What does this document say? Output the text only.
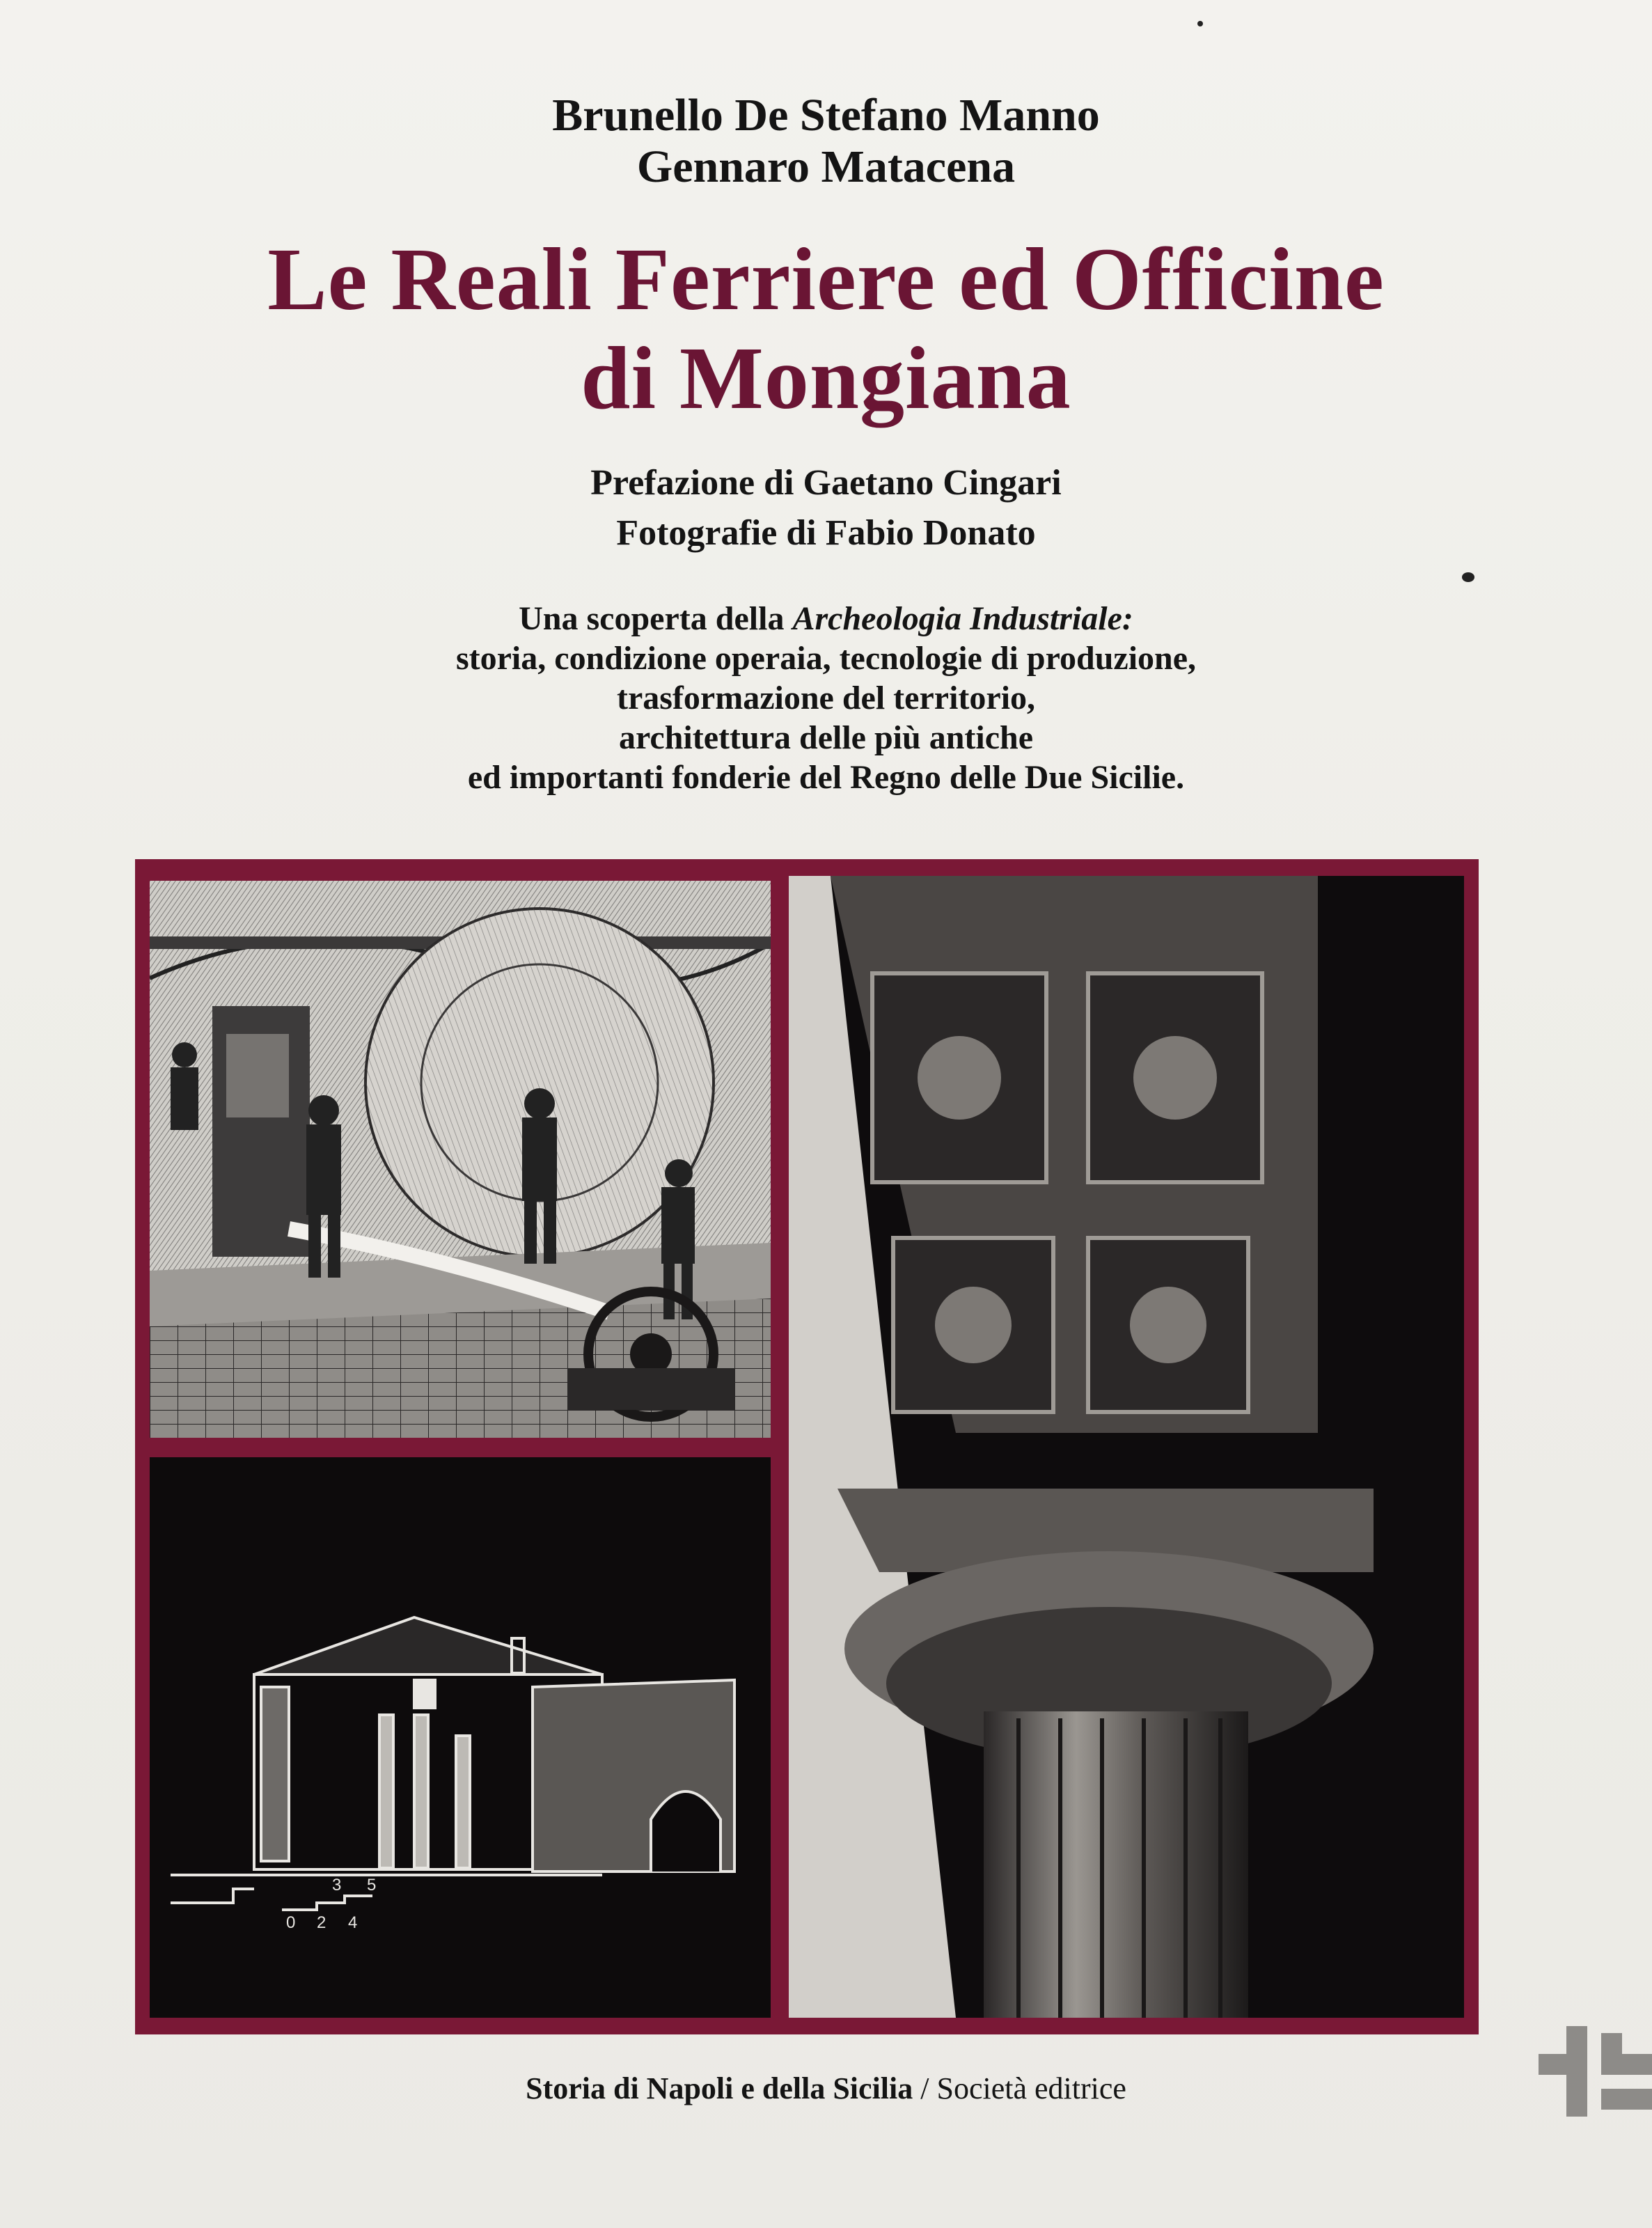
Brunello De Stefano Manno
Gennaro Matacena
Le Reali Ferriere ed Officine
di Mongiana
Prefazione di Gaetano Cingari
Fotografie di Fabio Donato
Una scoperta della Archeologia Industriale:
storia, condizione operaia, tecnologie di produzione,
trasformazione del territorio,
architettura delle più antiche
ed importanti fonderie del Regno delle Due Sicilie.
3 5
0 2 4
Storia di Napoli e della Sicilia / Società editrice
